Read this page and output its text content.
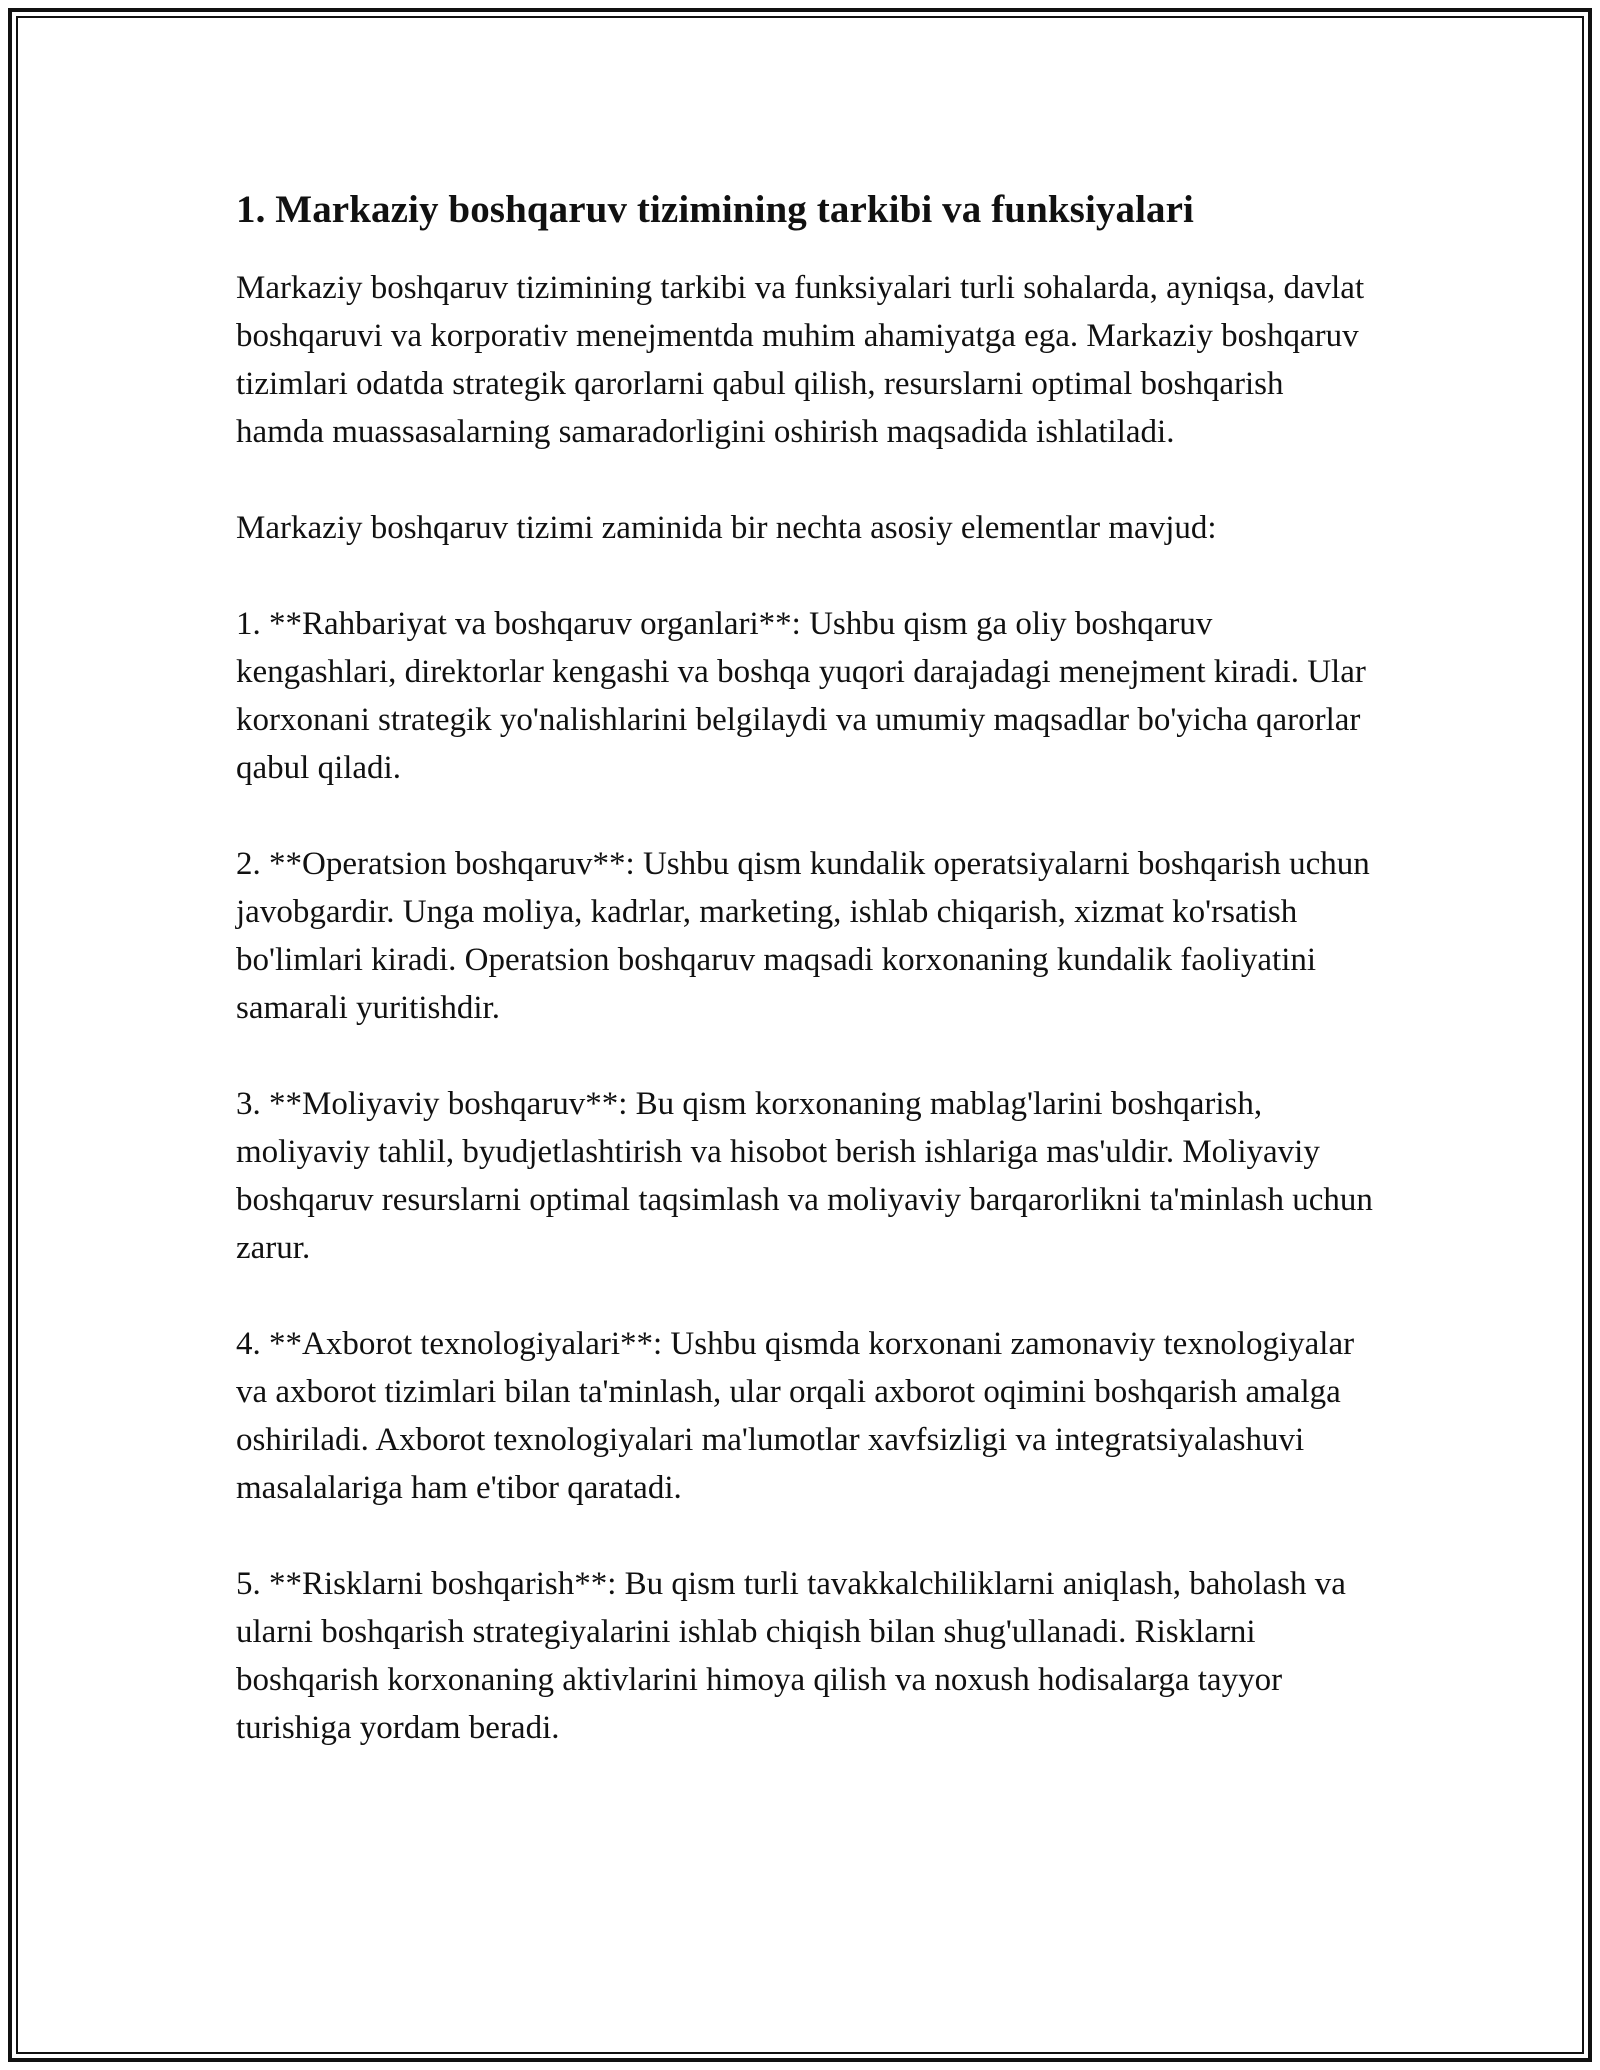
1. Markaziy boshqaruv tizimining tarkibi va funksiyalari

Markaziy boshqaruv tizimining tarkibi va funksiyalari turli sohalarda, ayniqsa, davlat boshqaruvi va korporativ menejmentda muhim ahamiyatga ega. Markaziy boshqaruv tizimlari odatda strategik qarorlarni qabul qilish, resurslarni optimal boshqarish hamda muassasalarning samaradorligini oshirish maqsadida ishlatiladi.

Markaziy boshqaruv tizimi zaminida bir nechta asosiy elementlar mavjud:

1. **Rahbariyat va boshqaruv organlari**: Ushbu qism ga oliy boshqaruv kengashlari, direktorlar kengashi va boshqa yuqori darajadagi menejment kiradi. Ular korxonani strategik yo'nalishlarini belgilaydi va umumiy maqsadlar bo'yicha qarorlar qabul qiladi.

2. **Operatsion boshqaruv**: Ushbu qism kundalik operatsiyalarni boshqarish uchun javobgardir. Unga moliya, kadrlar, marketing, ishlab chiqarish, xizmat ko'rsatish bo'limlari kiradi. Operatsion boshqaruv maqsadi korxonaning kundalik faoliyatini samarali yuritishdir.

3. **Moliyaviy boshqaruv**: Bu qism korxonaning mablag'larini boshqarish, moliyaviy tahlil, byudjetlashtirish va hisobot berish ishlariga mas'uldir. Moliyaviy boshqaruv resurslarni optimal taqsimlash va moliyaviy barqarorlikni ta'minlash uchun zarur.

4. **Axborot texnologiyalari**: Ushbu qismda korxonani zamonaviy texnologiyalar va axborot tizimlari bilan ta'minlash, ular orqali axborot oqimini boshqarish amalga oshiriladi. Axborot texnologiyalari ma'lumotlar xavfsizligi va integratsiyalashuvi masalalariga ham e'tibor qaratadi.

5. **Risklarni boshqarish**: Bu qism turli tavakkalchiliklarni aniqlash, baholash va ularni boshqarish strategiyalarini ishlab chiqish bilan shug'ullanadi. Risklarni boshqarish korxonaning aktivlarini himoya qilish va noxush hodisalarga tayyor turishiga yordam beradi.
